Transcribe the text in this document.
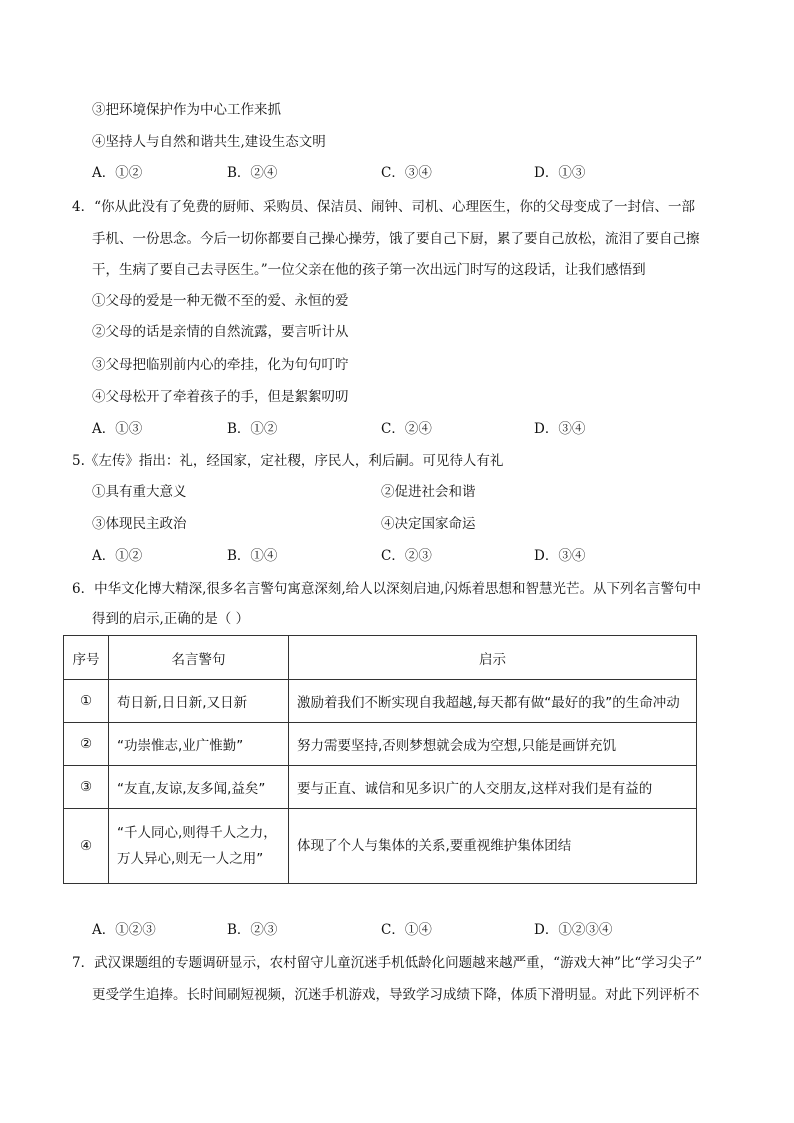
③把环境保护作为中心工作来抓
④坚持人与自然和谐共生,建设生态文明
A．①②	B．②④	C．③④	D．①③
4．“你从此没有了免费的厨师、采购员、保洁员、闹钟、司机、心理医生，你的父母变成了一封信、一部
手机、一份思念。今后一切你都要自己操心操劳，饿了要自己下厨，累了要自己放松，流泪了要自己擦
干，生病了要自己去寻医生。”一位父亲在他的孩子第一次出远门时写的这段话，让我们感悟到
①父母的爱是一种无微不至的爱、永恒的爱
②父母的话是亲情的自然流露，要言听计从
③父母把临别前内心的牵挂，化为句句叮咛
④父母松开了牵着孩子的手，但是絮絮叨叨
A．①③	B．①②	C．②④	D．③④
5.《左传》指出：礼，经国家，定社稷，序民人，利后嗣。可见待人有礼
①具有重大意义	②促进社会和谐
③体现民主政治	④决定国家命运
A．①②	B．①④	C．②③	D．③④
6．中华文化博大精深,很多名言警句寓意深刻,给人以深刻启迪,闪烁着思想和智慧光芒。从下列名言警句中
得到的启示,正确的是（ ）
序号	名言警句	启示
①	苟日新,日日新,又日新	激励着我们不断实现自我超越,每天都有做“最好的我”的生命冲动
②	“功崇惟志,业广惟勤”	努力需要坚持,否则梦想就会成为空想,只能是画饼充饥
③	“友直,友谅,友多闻,益矣”	要与正直、诚信和见多识广的人交朋友,这样对我们是有益的
④	“千人同心,则得千人之力，
万人异心,则无一人之用”	体现了个人与集体的关系,要重视维护集体团结
A．①②③	B．②③	C．①④	D．①②③④
7．武汉课题组的专题调研显示，农村留守儿童沉迷手机低龄化问题越来越严重，“游戏大神”比“学习尖子”
更受学生追捧。长时间刷短视频，沉迷手机游戏，导致学习成绩下降，体质下滑明显。对此下列评析不
